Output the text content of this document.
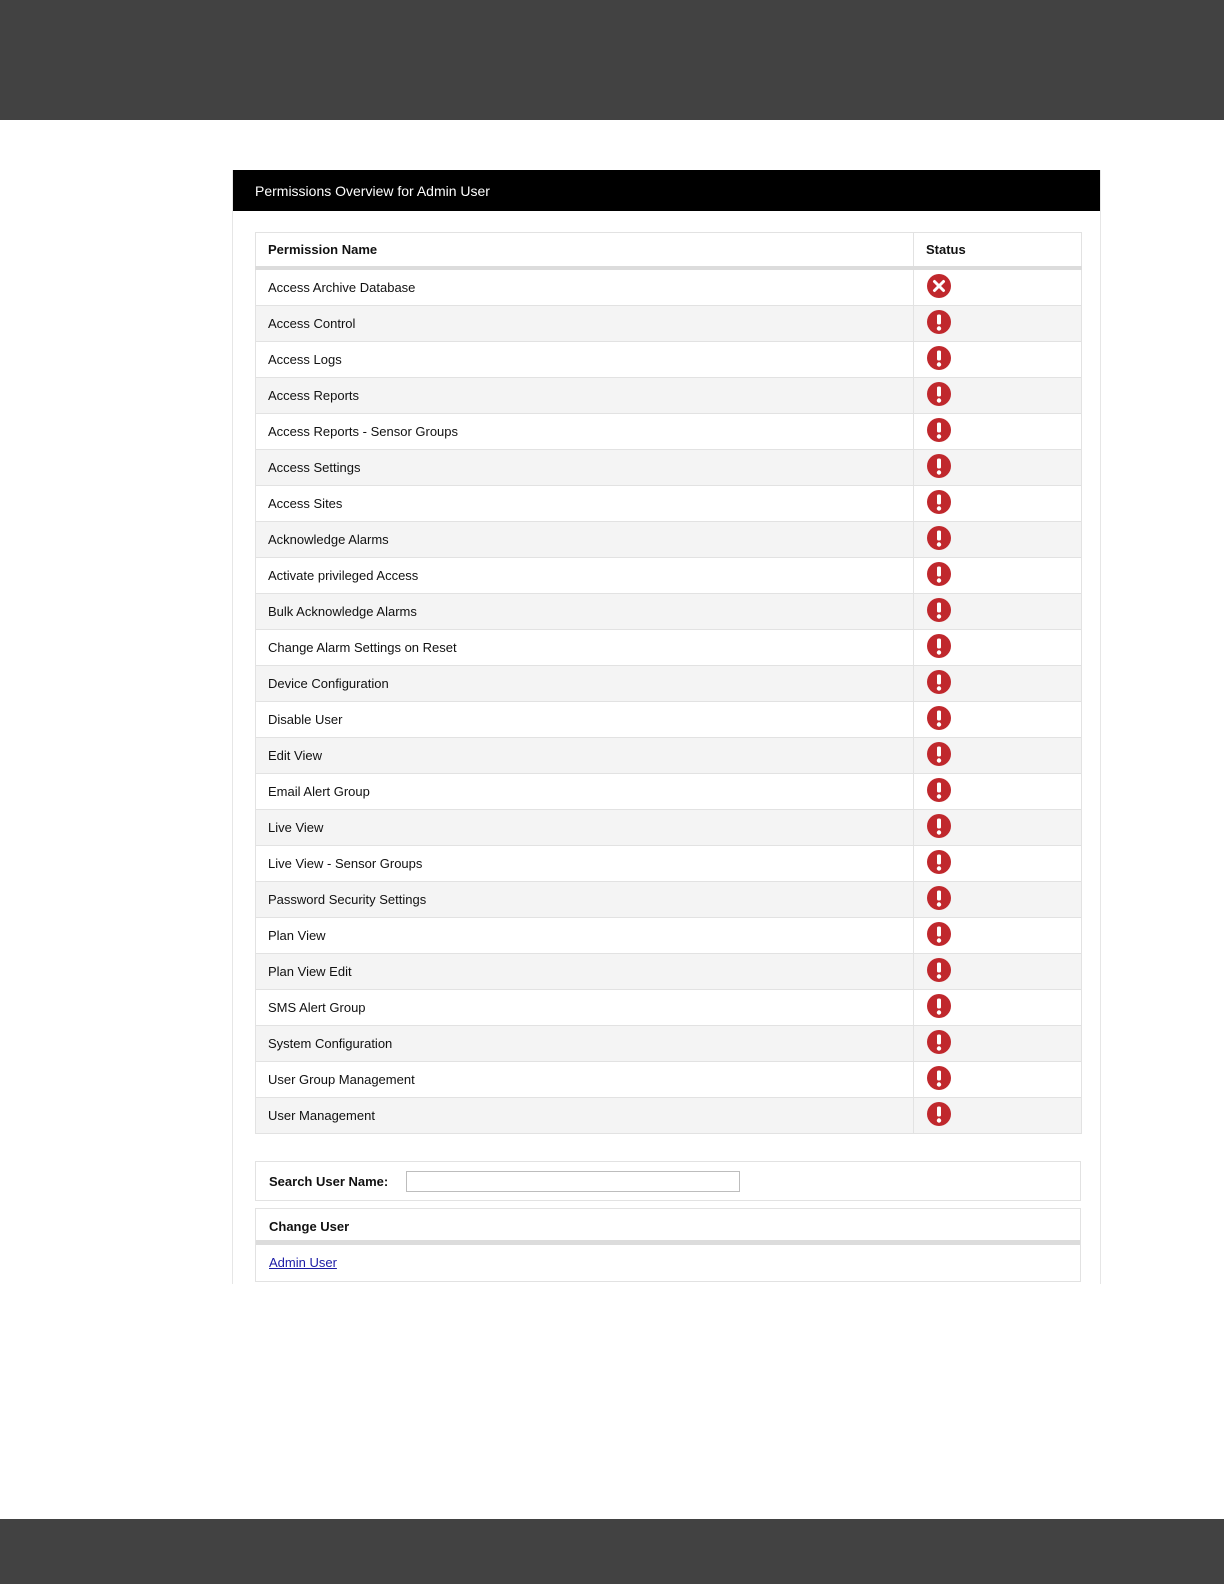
Permissions Overview for Admin User
Permission Name	Status
Access Archive Database	

Access Control	

Access Logs	

Access Reports	

Access Reports - Sensor Groups	

Access Settings	

Access Sites	

Acknowledge Alarms	

Activate privileged Access	

Bulk Acknowledge Alarms	

Change Alarm Settings on Reset	

Device Configuration	

Disable User	

Edit View	

Email Alert Group	

Live View	

Live View - Sensor Groups	

Password Security Settings	

Plan View	

Plan View Edit	

SMS Alert Group	

System Configuration	

User Group Management	

User Management	
Search User Name:
Change User
Admin User
